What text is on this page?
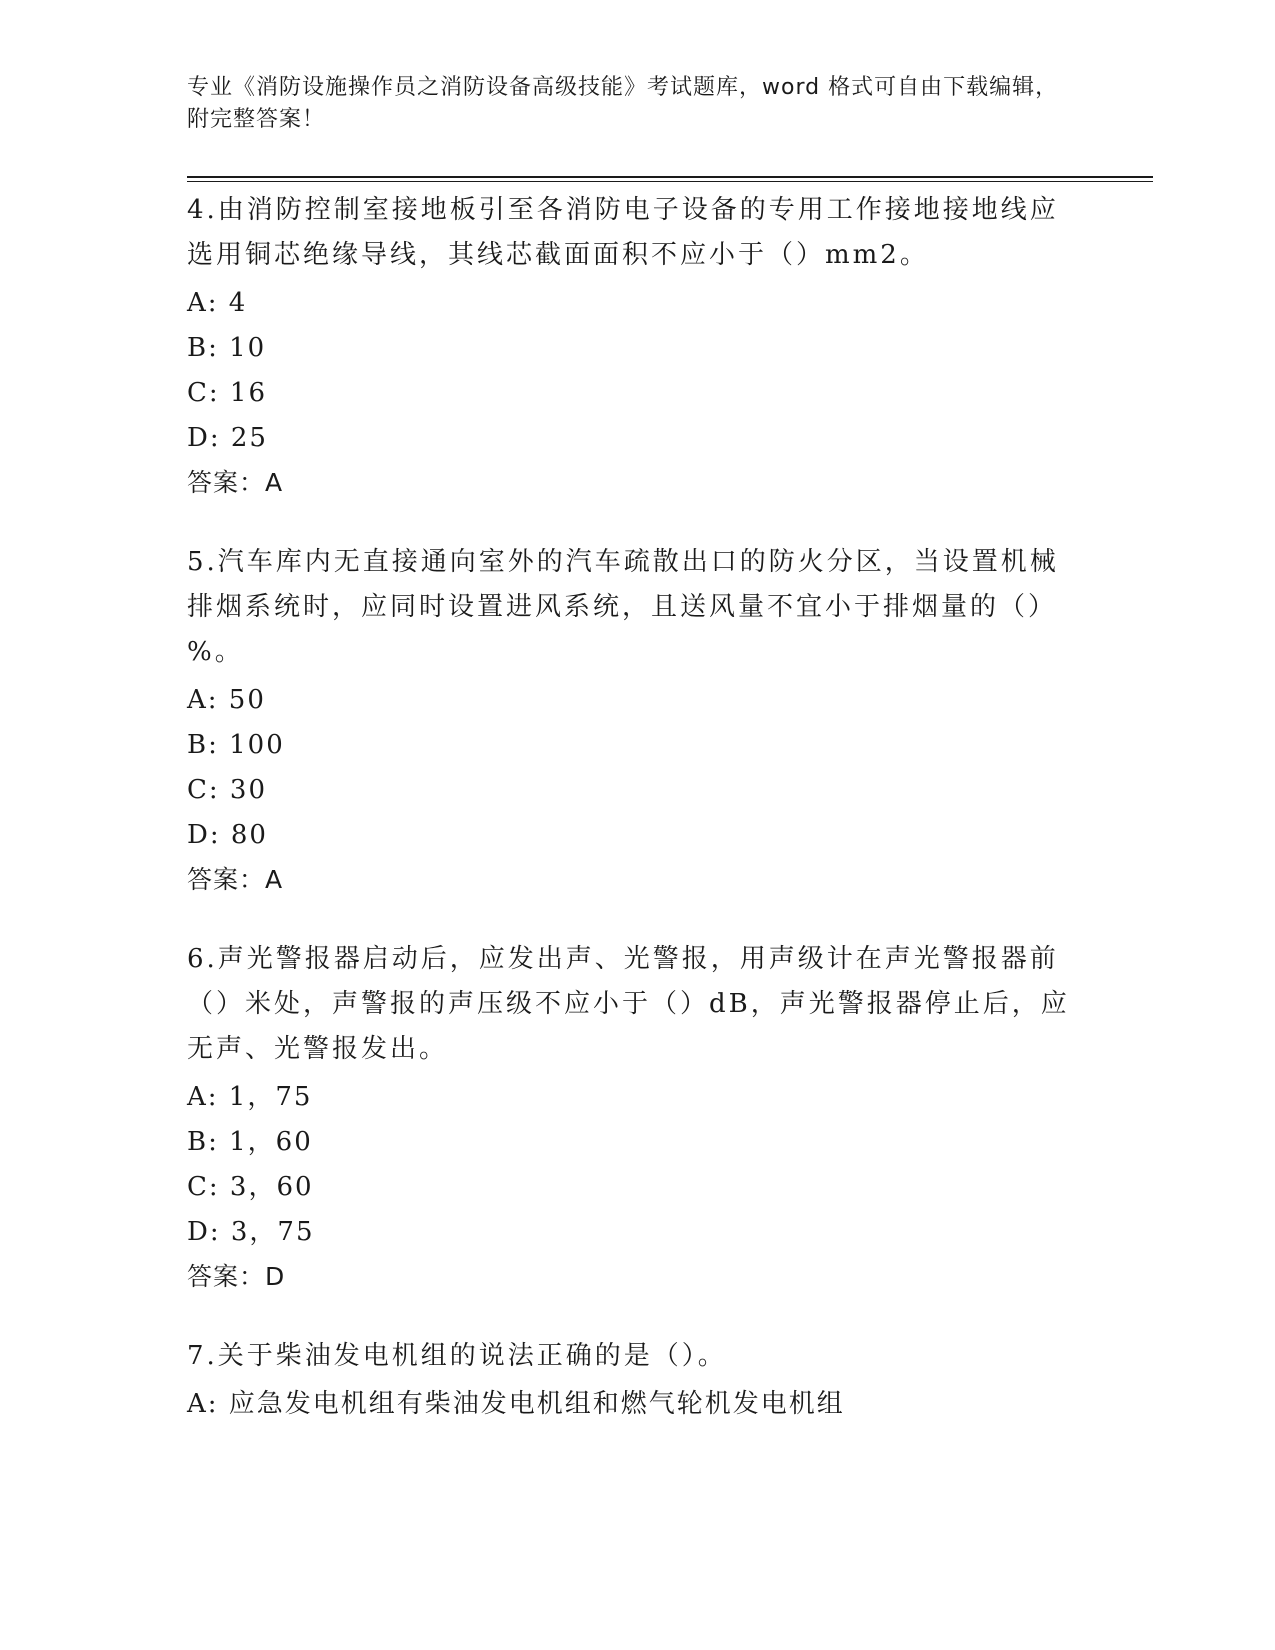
专业《消防设施操作员之消防设备高级技能》考试题库，word 格式可自由下载编辑，附完整答案！
4.由消防控制室接地板引至各消防电子设备的专用工作接地接地线应选用铜芯绝缘导线，其线芯截面面积不应小于（）mm2。
A: 4
B: 10
C: 16
D: 25
答案：A
5.汽车库内无直接通向室外的汽车疏散出口的防火分区，当设置机械排烟系统时，应同时设置进风系统，且送风量不宜小于排烟量的（）%。
A: 50
B: 100
C: 30
D: 80
答案：A
6.声光警报器启动后，应发出声、光警报，用声级计在声光警报器前（）米处，声警报的声压级不应小于（）dB，声光警报器停止后，应无声、光警报发出。
A: 1，75
B: 1，60
C: 3，60
D: 3，75
答案：D
7.关于柴油发电机组的说法正确的是（）。
A: 应急发电机组有柴油发电机组和燃气轮机发电机组
